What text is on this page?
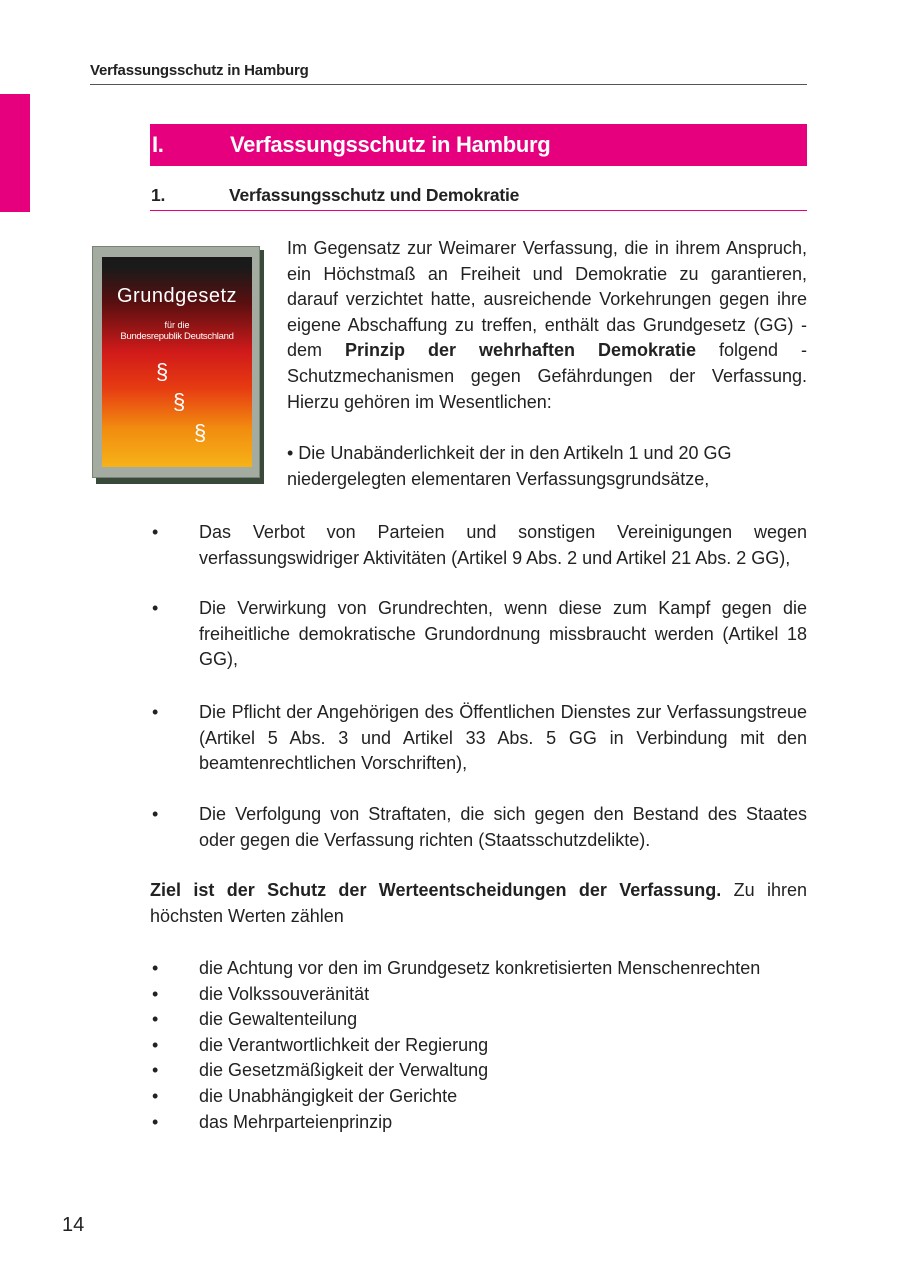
Verfassungsschutz in Hamburg
I.	Verfassungsschutz in Hamburg
1.	Verfassungsschutz und Demokratie
Grundgesetz
für die
Bundesrepublik Deutschland
§
§
§
Im Gegensatz zur Weimarer Verfassung, die in ihrem Anspruch, ein Höchstmaß an Freiheit und Demokratie zu garantieren, darauf verzichtet hatte, ausreichende Vorkehrungen gegen ihre eigene Abschaffung zu treffen, enthält das Grundgesetz (GG) - dem Prinzip der wehrhaften Demokratie folgend - Schutzmechanismen gegen Gefährdungen der Verfassung. Hierzu gehören im Wesentlichen:
• Die Unabänderlichkeit der in den Artikeln 1 und 20 GG niedergelegten elementaren Verfassungsgrundsätze,
•	Das Verbot von Parteien und sonstigen Vereinigungen wegen verfassungswidriger Aktivitäten (Artikel 9 Abs. 2 und Artikel 21 Abs. 2 GG),
•	Die Verwirkung von Grundrechten, wenn diese zum Kampf gegen die freiheitliche demokratische Grundordnung missbraucht werden (Artikel 18 GG),
•	Die Pflicht der Angehörigen des Öffentlichen Dienstes zur Verfassungstreue (Artikel 5 Abs. 3 und Artikel 33 Abs. 5 GG in Verbindung mit den beamtenrechtlichen Vorschriften),
•	Die Verfolgung von Straftaten, die sich gegen den Bestand des Staates oder gegen die Verfassung richten (Staatsschutzdelikte).
Ziel ist der Schutz der Werteentscheidungen der Verfassung. Zu ihren höchsten Werten zählen
•	die Achtung vor den im Grundgesetz konkretisierten Menschenrechten
•	die Volkssouveränität
•	die Gewaltenteilung
•	die Verantwortlichkeit der Regierung
•	die Gesetzmäßigkeit der Verwaltung
•	die Unabhängigkeit der Gerichte
•	das Mehrparteienprinzip
14
